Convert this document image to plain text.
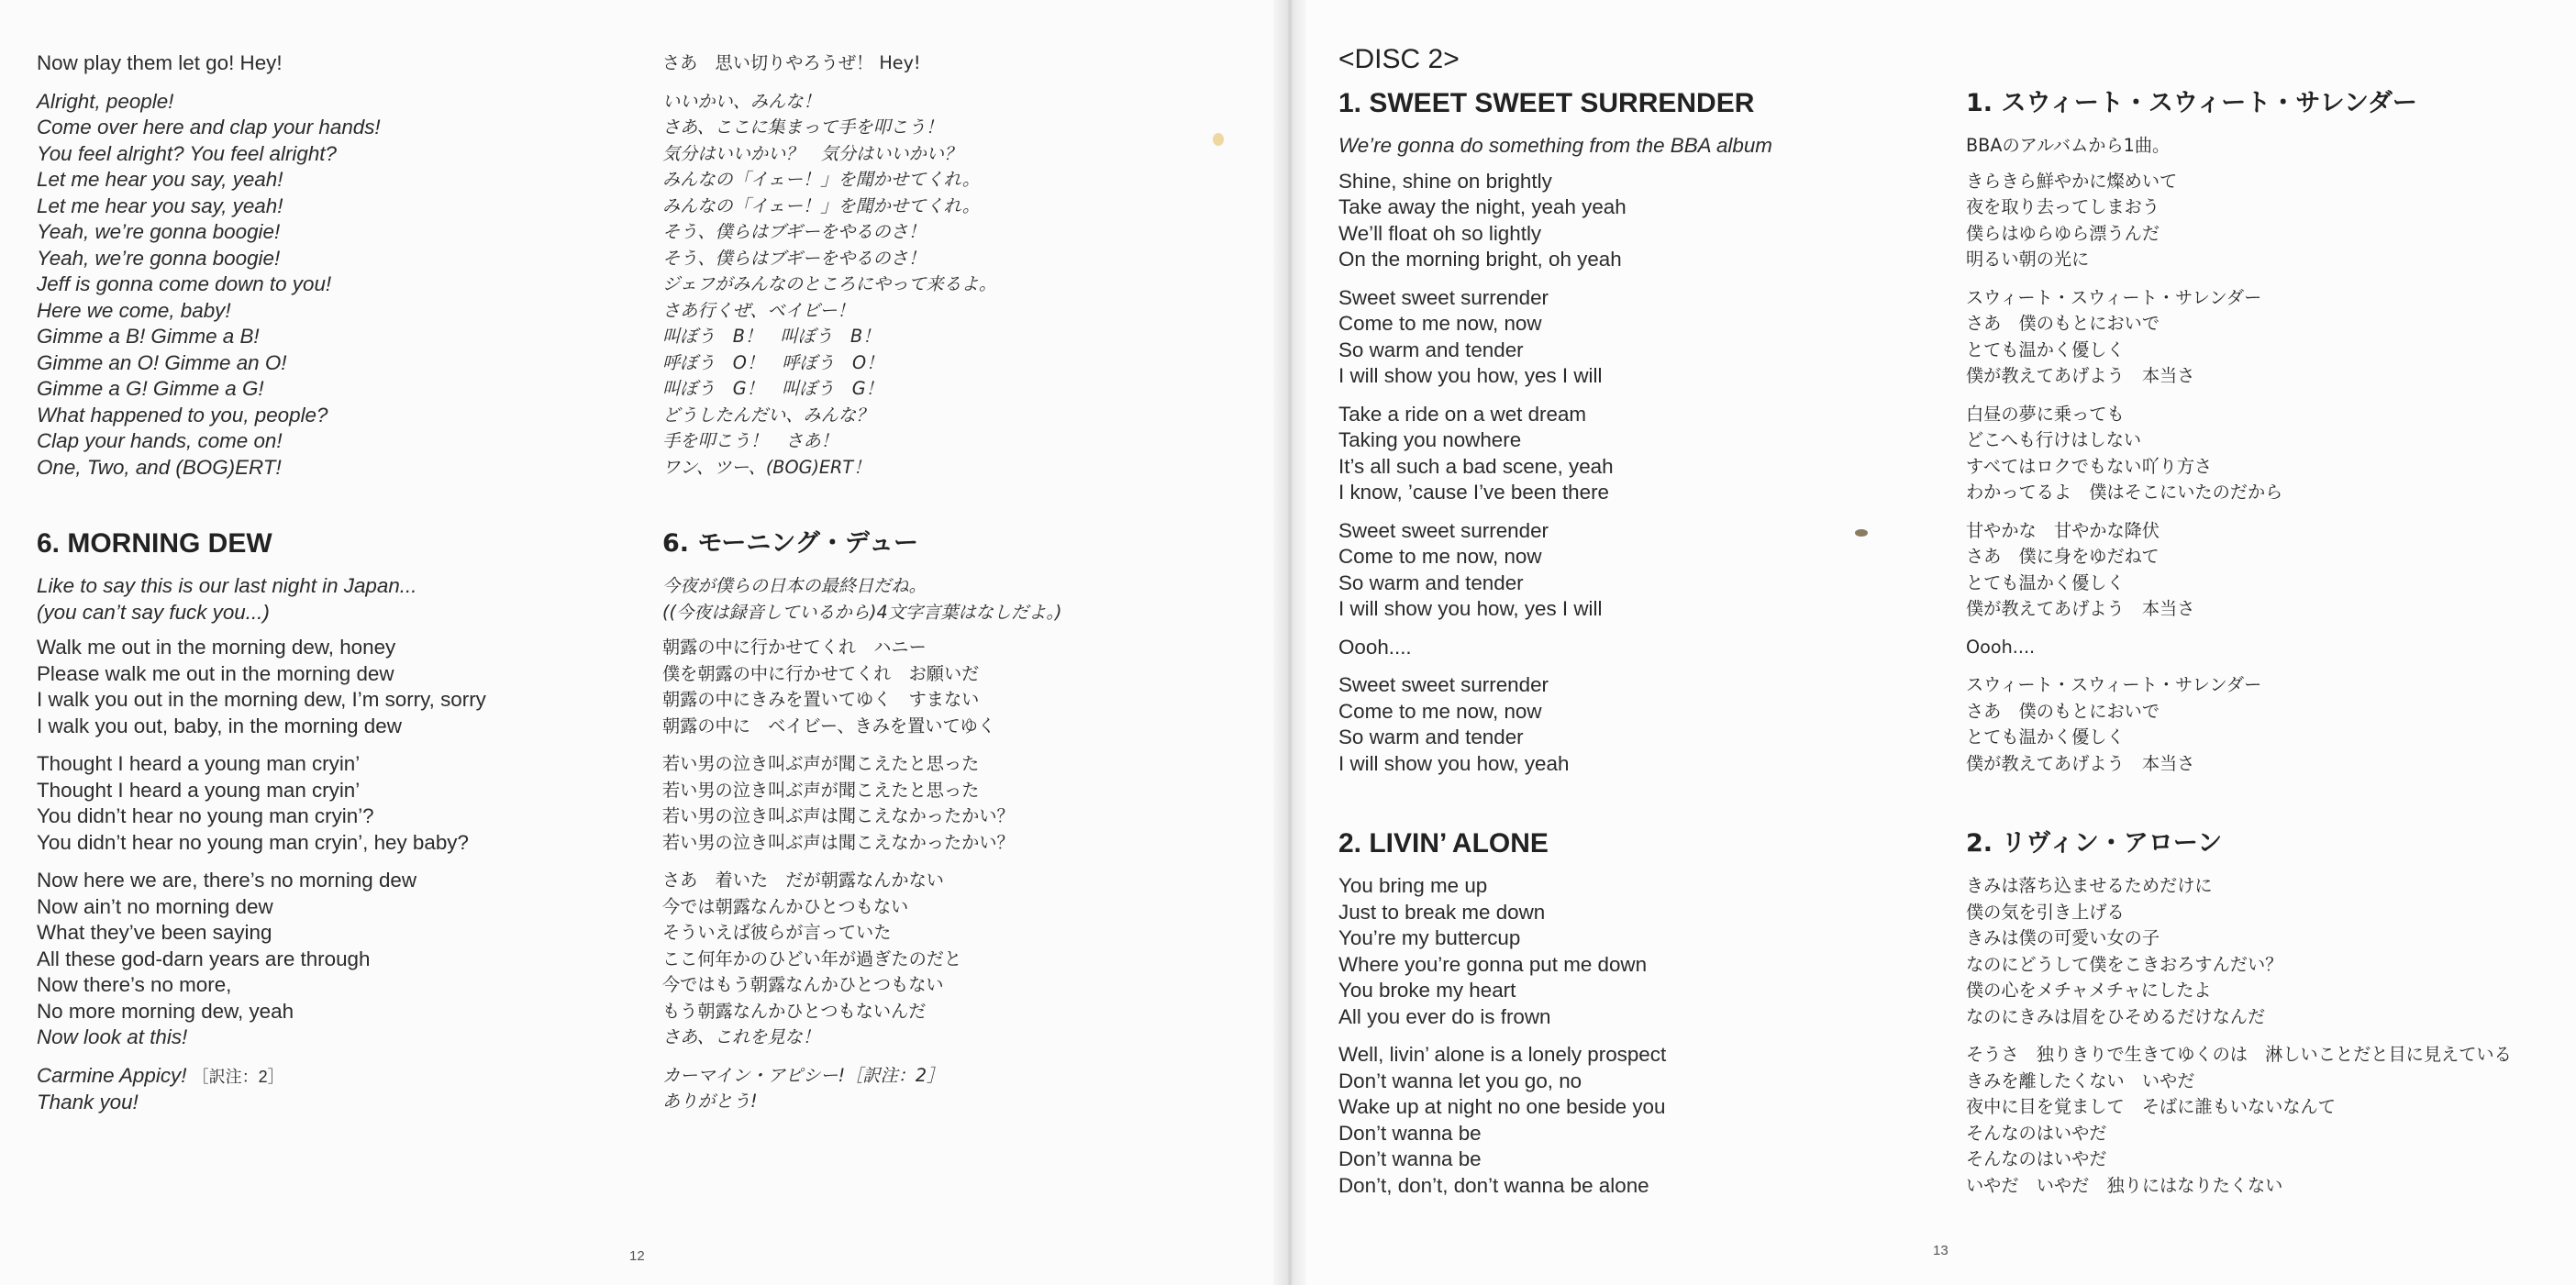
Now play them let go! Hey!
Alright, people!
Come over here and clap your hands!
You feel alright? You feel alright?
Let me hear you say, yeah!
Let me hear you say, yeah!
Yeah, we’re gonna boogie!
Yeah, we’re gonna boogie!
Jeff is gonna come down to you!
Here we come, baby!
Gimme a B! Gimme a B!
Gimme an O! Gimme an O!
Gimme a G! Gimme a G!
What happened to you, people?
Clap your hands, come on!
One, Two, and (BOG)ERT!
6. MORNING DEW
Like to say this is our last night in Japan...
(you can’t say fuck you...)
Walk me out in the morning dew, honey
Please walk me out in the morning dew
I walk you out in the morning dew, I’m sorry, sorry
I walk you out, baby, in the morning dew
Thought I heard a young man cryin’
Thought I heard a young man cryin’
You didn’t hear no young man cryin’?
You didn’t hear no young man cryin’, hey baby?
Now here we are, there’s no morning dew
Now ain’t no morning dew
What they’ve been saying
All these god-darn years are through
Now there’s no more,
No more morning dew, yeah
Now look at this!
Carmine Appicy! ［訳注：2］
Thank you!
さあ　思い切りやろうぜ！ Hey!
いいかい、みんな！
さあ、ここに集まって手を叩こう！
気分はいいかい？　気分はいいかい？
みんなの「イェー！」を聞かせてくれ。
みんなの「イェー！」を聞かせてくれ。
そう、僕らはブギーをやるのさ！
そう、僕らはブギーをやるのさ！
ジェフがみんなのところにやって来るよ。
さあ行くぜ、ベイビー！
叫ぼう　B！　叫ぼう　B！
呼ぼう　O！　呼ぼう　O！
叫ぼう　G！　叫ぼう　G！
どうしたんだい、みんな？
手を叩こう！　さあ！
ワン、ツー、(BOG)ERT！
6. モーニング・デュー
今夜が僕らの日本の最終日だね。
((今夜は録音しているから)4文字言葉はなしだよ。)
朝露の中に行かせてくれ　ハニー
僕を朝露の中に行かせてくれ　お願いだ
朝露の中にきみを置いてゆく　すまない
朝露の中に　ベイビー、きみを置いてゆく
若い男の泣き叫ぶ声が聞こえたと思った
若い男の泣き叫ぶ声が聞こえたと思った
若い男の泣き叫ぶ声は聞こえなかったかい？
若い男の泣き叫ぶ声は聞こえなかったかい？
さあ　着いた　だが朝露なんかない
今では朝露なんかひとつもない
そういえば彼らが言っていた
ここ何年かのひどい年が過ぎたのだと
今ではもう朝露なんかひとつもない
もう朝露なんかひとつもないんだ
さあ、これを見な！
カーマイン・アピシー!［訳注：2］
ありがとう!
12
<DISC 2>
1. SWEET SWEET SURRENDER
We’re gonna do something from the BBA album
Shine, shine on brightly
Take away the night, yeah yeah
We’ll float oh so lightly
On the morning bright, oh yeah
Sweet sweet surrender
Come to me now, now
So warm and tender
I will show you how, yes I will
Take a ride on a wet dream
Taking you nowhere
It’s all such a bad scene, yeah
I know, ’cause I’ve been there
Sweet sweet surrender
Come to me now, now
So warm and tender
I will show you how, yes I will
Oooh....
Sweet sweet surrender
Come to me now, now
So warm and tender
I will show you how, yeah
2. LIVIN’ ALONE
You bring me up
Just to break me down
You’re my buttercup
Where you’re gonna put me down
You broke my heart
All you ever do is frown
Well, livin’ alone is a lonely prospect
Don’t wanna let you go, no
Wake up at night no one beside you
Don’t wanna be
Don’t wanna be
Don’t, don’t, don’t wanna be alone
1. スウィート・スウィート・サレンダー
BBAのアルバムから1曲。
きらきら鮮やかに燦めいて
夜を取り去ってしまおう
僕らはゆらゆら漂うんだ
明るい朝の光に
スウィート・スウィート・サレンダー
さあ　僕のもとにおいで
とても温かく優しく
僕が教えてあげよう　本当さ
白昼の夢に乗っても
どこへも行けはしない
すべてはロクでもない吖り方さ
わかってるよ　僕はそこにいたのだから
甘やかな　甘やかな降伏
さあ　僕に身をゆだねて
とても温かく優しく
僕が教えてあげよう　本当さ
Oooh....
スウィート・スウィート・サレンダー
さあ　僕のもとにおいで
とても温かく優しく
僕が教えてあげよう　本当さ
2. リヴィン・アローン
きみは落ち込ませるためだけに
僕の気を引き上げる
きみは僕の可愛い女の子
なのにどうして僕をこきおろすんだい？
僕の心をメチャメチャにしたよ
なのにきみは眉をひそめるだけなんだ
そうさ　独りきりで生きてゆくのは　淋しいことだと目に見えている
きみを離したくない　いやだ
夜中に目を覚まして　そばに誰もいないなんて
そんなのはいやだ
そんなのはいやだ
いやだ　いやだ　独りにはなりたくない
13
